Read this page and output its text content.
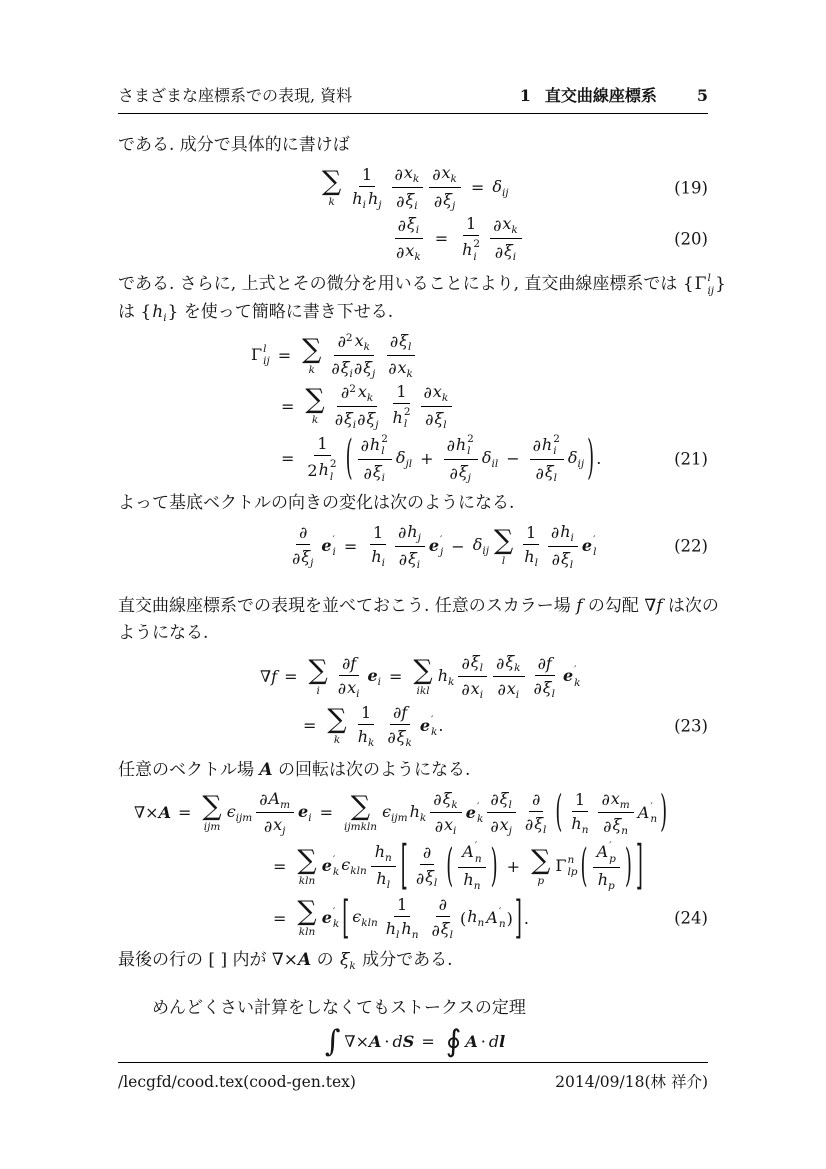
さまざまな座標系での表現, 資料	1 直交曲線座標系	5
である. 成分で具体的に書けば
∑
k $\frac{1}{h_i h_j} \frac{\partial x_k}{\partial \xi_i} \frac{\partial x_k}{\partial \xi_j} = \delta_{ij}$	(19)
$\frac{\partial \xi_i}{\partial x_k} = 1$
h 2
i $\frac{\partial x_k}{\partial \xi_i}$	(20)
である. さらに, 上式とその微分を用いることにより, 直交曲線座標系では {Γ l
ij }
は $\{h_i\}$ を使って簡略に書き下せる.
Γ l
ij = ∑
k $\frac{\partial^2 x_k}{\partial \xi_i \partial \xi_j} \frac{\partial \xi_l}{\partial x_k}$
= ∑
k $\frac{\partial^2 x_k}{\partial \xi_i \partial \xi_j} 1$
h 2
l $\frac{\partial x_k}{\partial \xi_l}$
= 1
2 h 2
l ( ∂ h 2
l
∂ $\xi_i$ $\delta_{jl}$ + ∂ h 2
l
∂ $\xi_j$ $\delta_{il}$ − ∂ h 2
i
∂ $\xi_l$ $\delta_{ij}$ ) .	(21)
よって基底ベクトルの向きの変化は次のようになる.
$\frac{\partial}{\partial \xi_j}$ e ′
$i = \frac{1}{h_i} \frac{\partial h_j}{\partial \xi_i}$ e ′
$j - \delta_{ij}$ ∑
l $\frac{1}{h_l} \frac{\partial h_i}{\partial \xi_l}$ e ′
l	(22)
直交曲線座標系での表現を並べておこう. 任意のスカラー場 f の勾配 ∇f は次の
ようになる.
∇ f = ∑
i $\frac{\partial f}{\partial x_i} e_i$ = ∑
ikl
$h_k \frac{\partial \xi_l}{\partial x_i} \frac{\partial \xi_k}{\partial x_i} \frac{\partial f}{\partial \xi_l}$ e ′
k
= ∑
k $\frac{1}{h_k} \frac{\partial f}{\partial \xi_k}$ e ′
k .	(23)
任意のベクトル場 A の回転は次のようになる.
∇× A = ∑
ijm
$\epsilon_{ijm} \frac{\partial A_m}{\partial x_j} e_i$ = ∑
ijmkln
$\epsilon_{ijm}$ $h_k \frac{\partial \xi_k}{\partial x_i}$ e ′
k $\frac{\partial \xi_l}{\partial x_j} \frac{\partial}{\partial \xi_l}$ ( $\frac{1}{h_n} \frac{\partial x_m}{\partial \xi_n}$ A ′
n )
= ∑
kln
e ′
k $\epsilon_{kln} \frac{h_n}{h_l}$ [ $\frac{\partial}{\partial \xi_l}$ ( A ′
n
$h_n$ ) + ∑
p
Γ n
lp ( A ′
p
$h_p$ ) ]
= ∑
kln
e ′
k [ $\epsilon_{kln} \frac{1}{h_l h_n} \frac{\partial}{\partial \xi_l}$ ( $h_n$ A ′
n ) ] .	(24)
最後の行の [ ] 内が ∇×A の $\xi_k$ 成分である.
めんどくさい計算をしなくてもストークスの定理
∫ ∇× A · d S = ∮ A · d l
/lecgfd/cood.tex(cood-gen.tex)	2014/09/18(林 祥介)
